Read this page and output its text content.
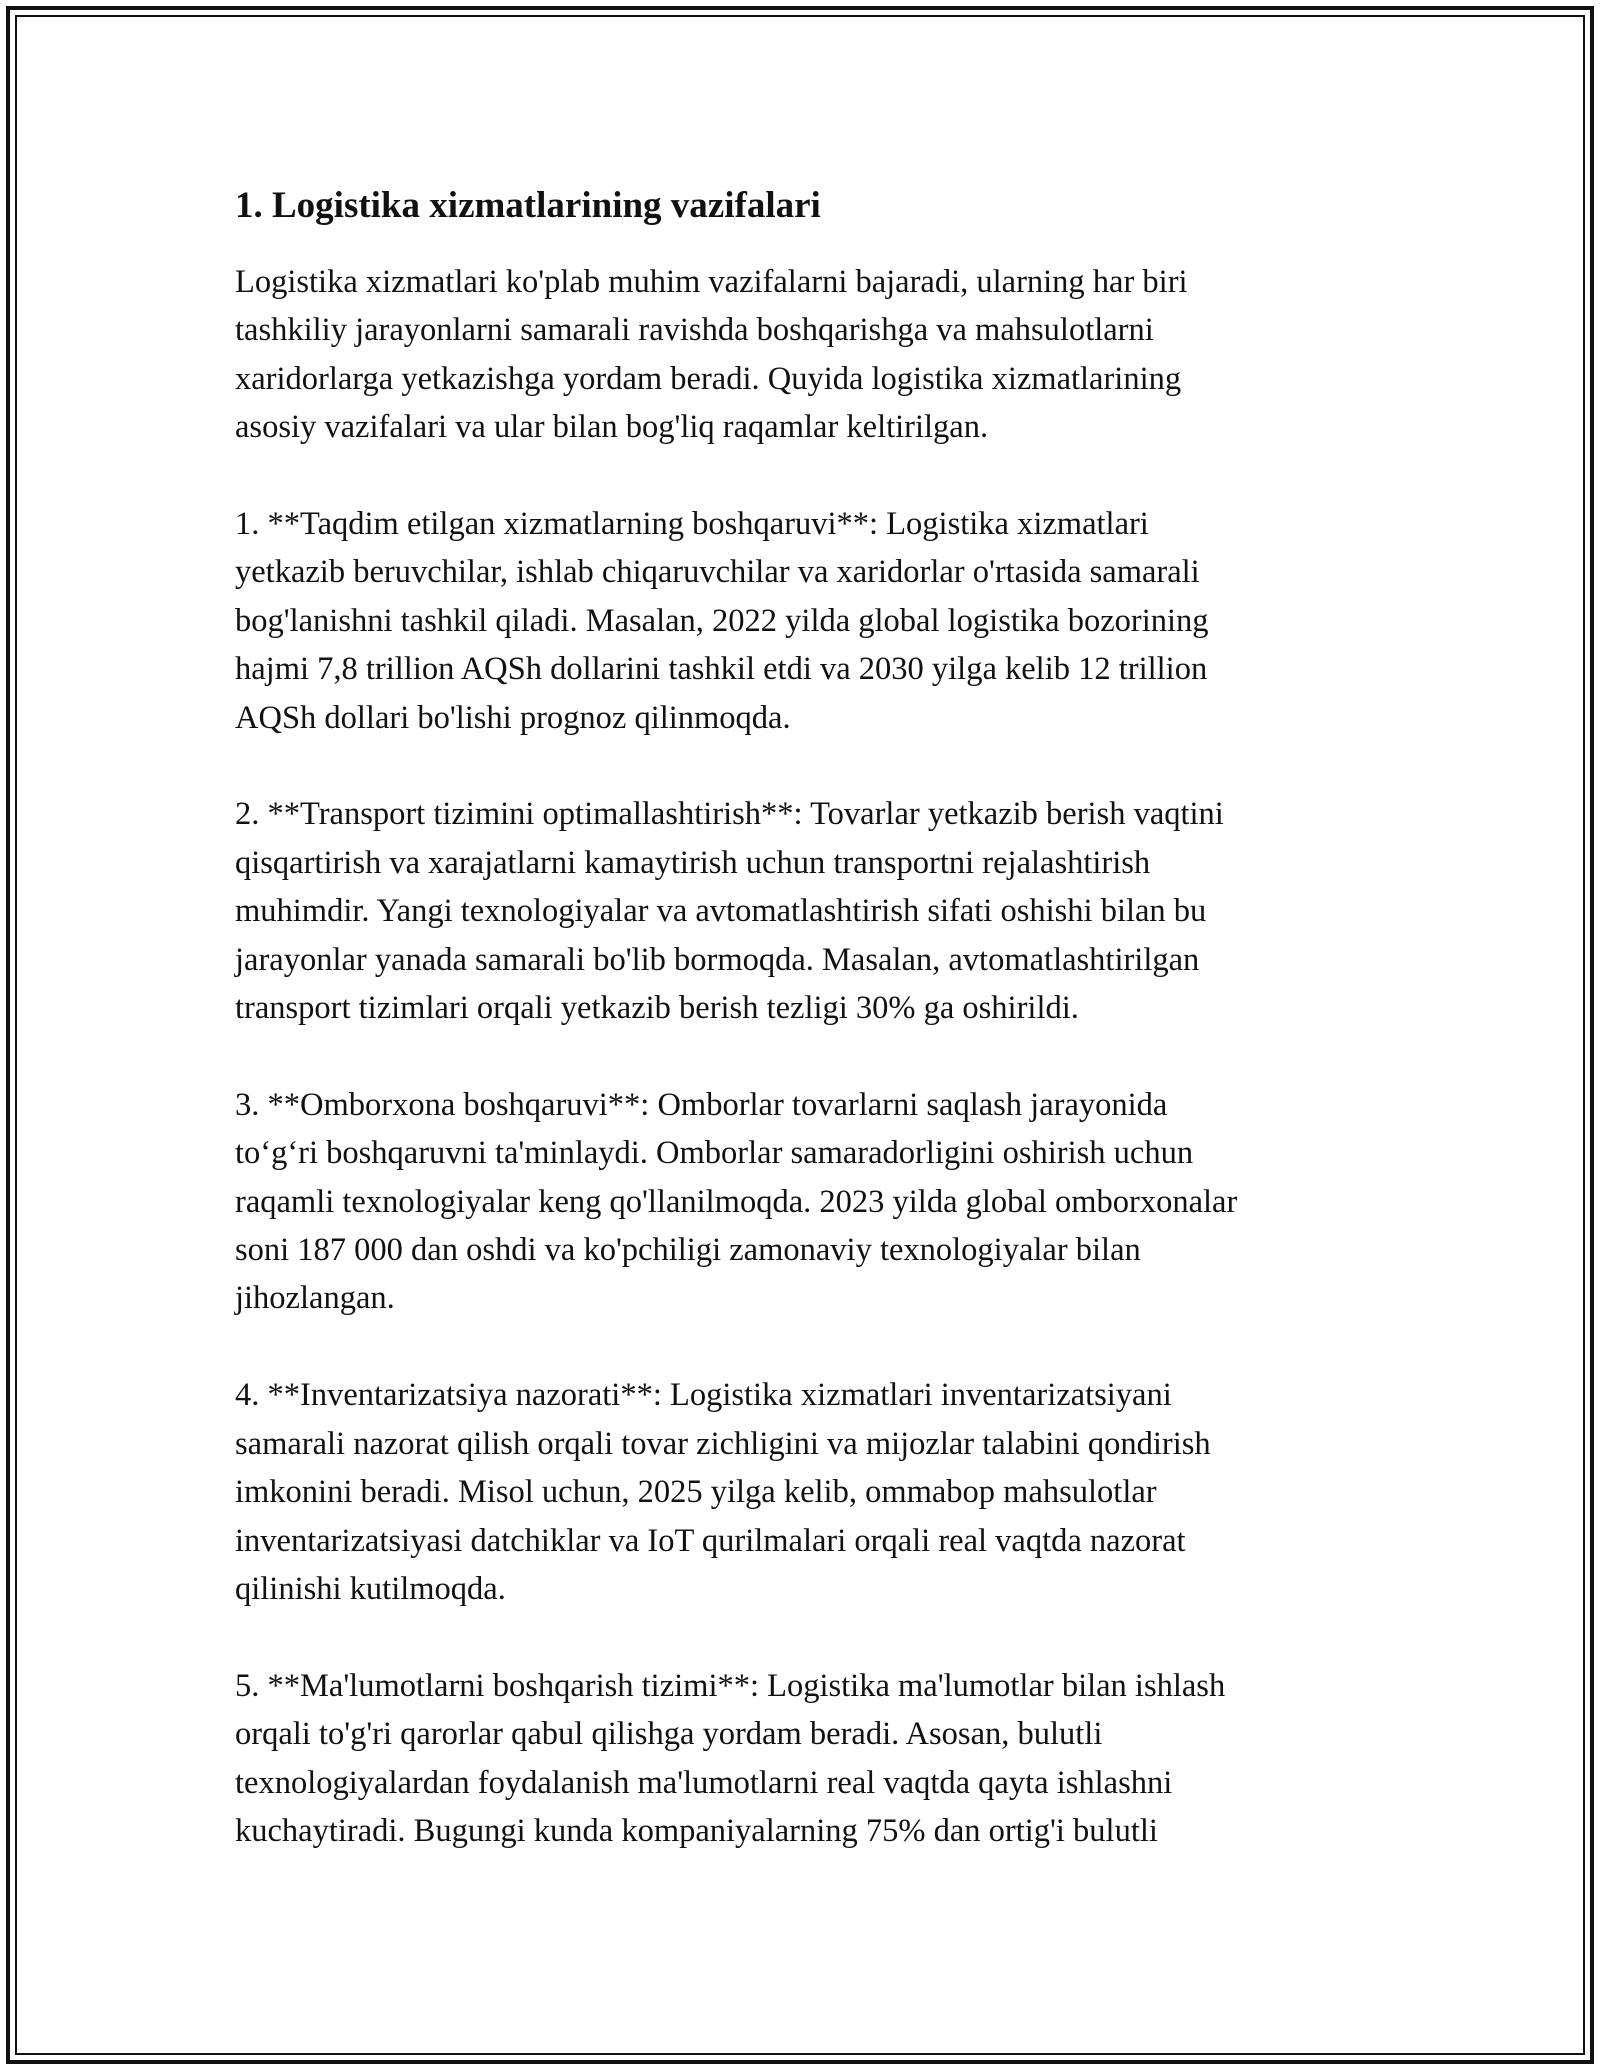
1. Logistika xizmatlarining vazifalari

Logistika xizmatlari ko'plab muhim vazifalarni bajaradi, ularning har biri
tashkiliy jarayonlarni samarali ravishda boshqarishga va mahsulotlarni
xaridorlarga yetkazishga yordam beradi. Quyida logistika xizmatlarining
asosiy vazifalari va ular bilan bog'liq raqamlar keltirilgan.

1. **Taqdim etilgan xizmatlarning boshqaruvi**: Logistika xizmatlari
yetkazib beruvchilar, ishlab chiqaruvchilar va xaridorlar o'rtasida samarali
bog'lanishni tashkil qiladi. Masalan, 2022 yilda global logistika bozorining
hajmi 7,8 trillion AQSh dollarini tashkil etdi va 2030 yilga kelib 12 trillion
AQSh dollari bo'lishi prognoz qilinmoqda.

2. **Transport tizimini optimallashtirish**: Tovarlar yetkazib berish vaqtini
qisqartirish va xarajatlarni kamaytirish uchun transportni rejalashtirish
muhimdir. Yangi texnologiyalar va avtomatlashtirish sifati oshishi bilan bu
jarayonlar yanada samarali bo'lib bormoqda. Masalan, avtomatlashtirilgan
transport tizimlari orqali yetkazib berish tezligi 30% ga oshirildi.

3. **Omborxona boshqaruvi**: Omborlar tovarlarni saqlash jarayonida
to‘g‘ri boshqaruvni ta'minlaydi. Omborlar samaradorligini oshirish uchun
raqamli texnologiyalar keng qo'llanilmoqda. 2023 yilda global omborxonalar
soni 187 000 dan oshdi va ko'pchiligi zamonaviy texnologiyalar bilan
jihozlangan.

4. **Inventarizatsiya nazorati**: Logistika xizmatlari inventarizatsiyani
samarali nazorat qilish orqali tovar zichligini va mijozlar talabini qondirish
imkonini beradi. Misol uchun, 2025 yilga kelib, ommabop mahsulotlar
inventarizatsiyasi datchiklar va IoT qurilmalari orqali real vaqtda nazorat
qilinishi kutilmoqda.

5. **Ma'lumotlarni boshqarish tizimi**: Logistika ma'lumotlar bilan ishlash
orqali to'g'ri qarorlar qabul qilishga yordam beradi. Asosan, bulutli
texnologiyalardan foydalanish ma'lumotlarni real vaqtda qayta ishlashni
kuchaytiradi. Bugungi kunda kompaniyalarning 75% dan ortig'i bulutli
